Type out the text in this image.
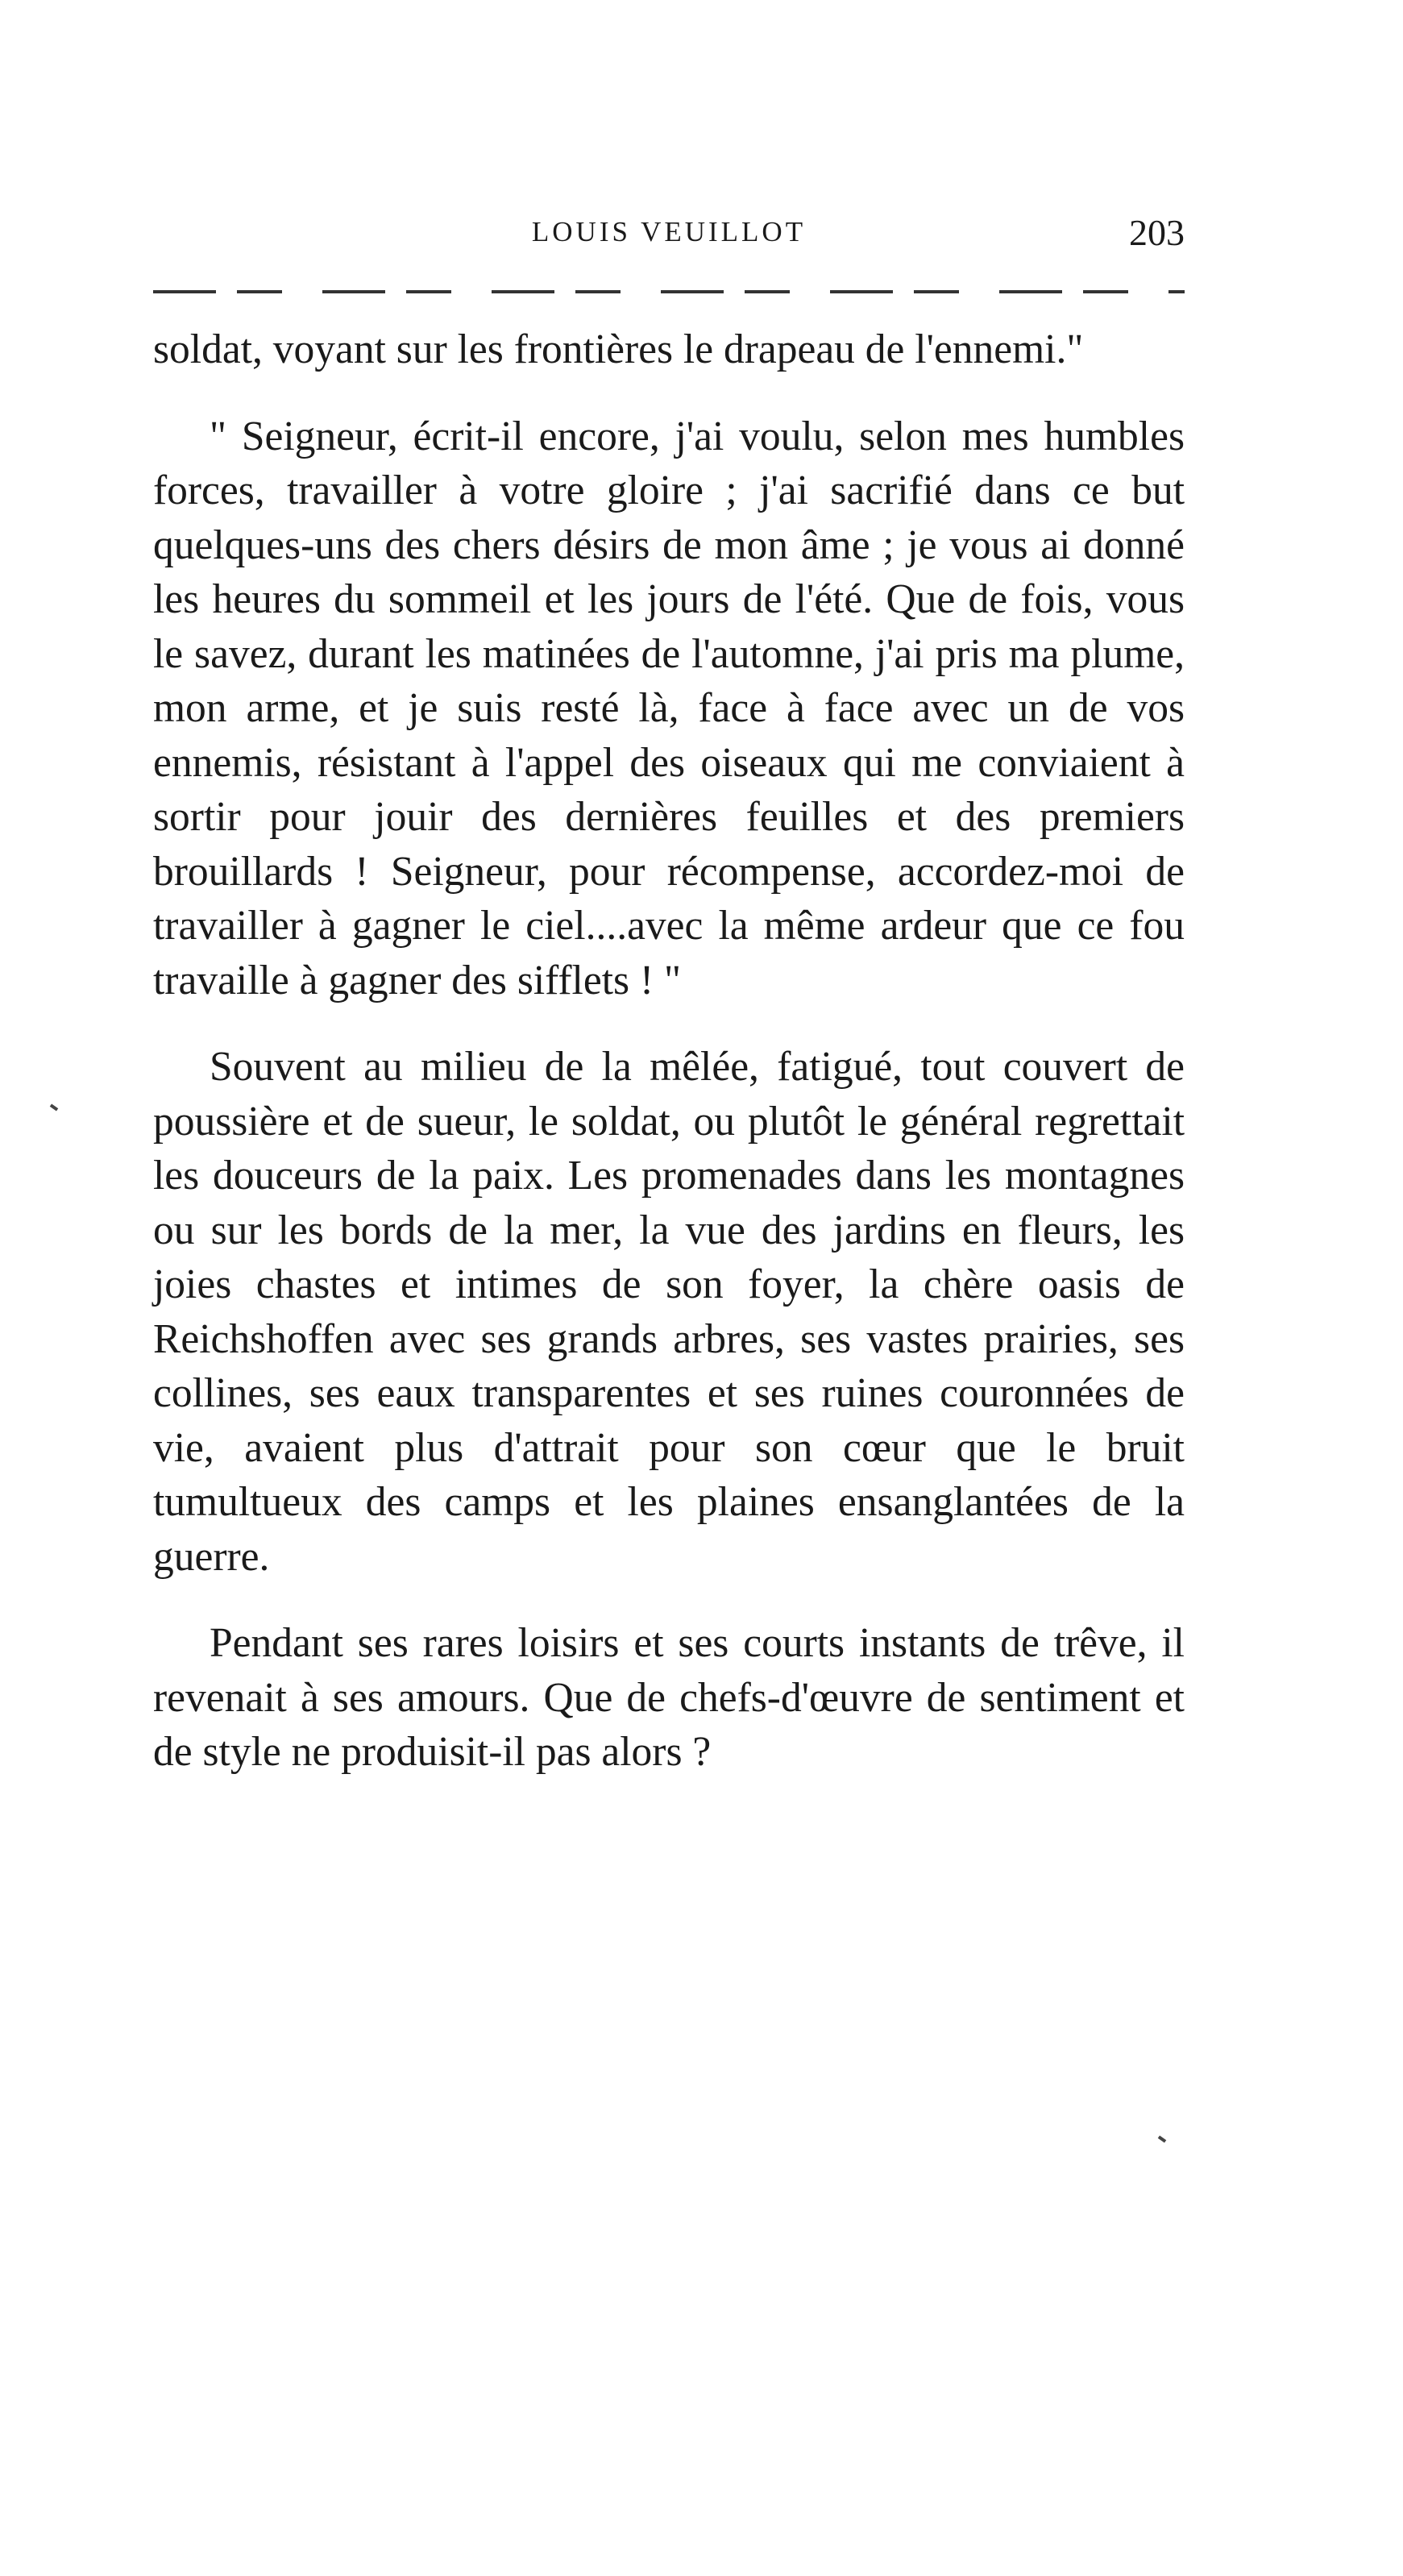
LOUIS VEUILLOT	203

soldat, voyant sur les frontières le drapeau de l'ennemi."

" Seigneur, écrit-il encore, j'ai voulu, selon mes humbles forces, travailler à votre gloire ; j'ai sacrifié dans ce but quelques-uns des chers désirs de mon âme ; je vous ai donné les heures du sommeil et les jours de l'été. Que de fois, vous le savez, durant les matinées de l'automne, j'ai pris ma plume, mon arme, et je suis resté là, face à face avec un de vos ennemis, résistant à l'appel des oiseaux qui me conviaient à sortir pour jouir des dernières feuilles et des premiers brouillards ! Seigneur, pour récompense, accordez-moi de travailler à gagner le ciel....avec la même ardeur que ce fou travaille à gagner des sifflets ! "

Souvent au milieu de la mêlée, fatigué, tout couvert de poussière et de sueur, le soldat, ou plutôt le général regrettait les douceurs de la paix. Les promenades dans les montagnes ou sur les bords de la mer, la vue des jardins en fleurs, les joies chastes et intimes de son foyer, la chère oasis de Reichshoffen avec ses grands arbres, ses vastes prairies, ses collines, ses eaux transparentes et ses ruines couronnées de vie, avaient plus d'attrait pour son cœur que le bruit tumultueux des camps et les plaines ensanglantées de la guerre.

Pendant ses rares loisirs et ses courts instants de trêve, il revenait à ses amours. Que de chefs-d'œuvre de sentiment et de style ne produisit-il pas alors ?
